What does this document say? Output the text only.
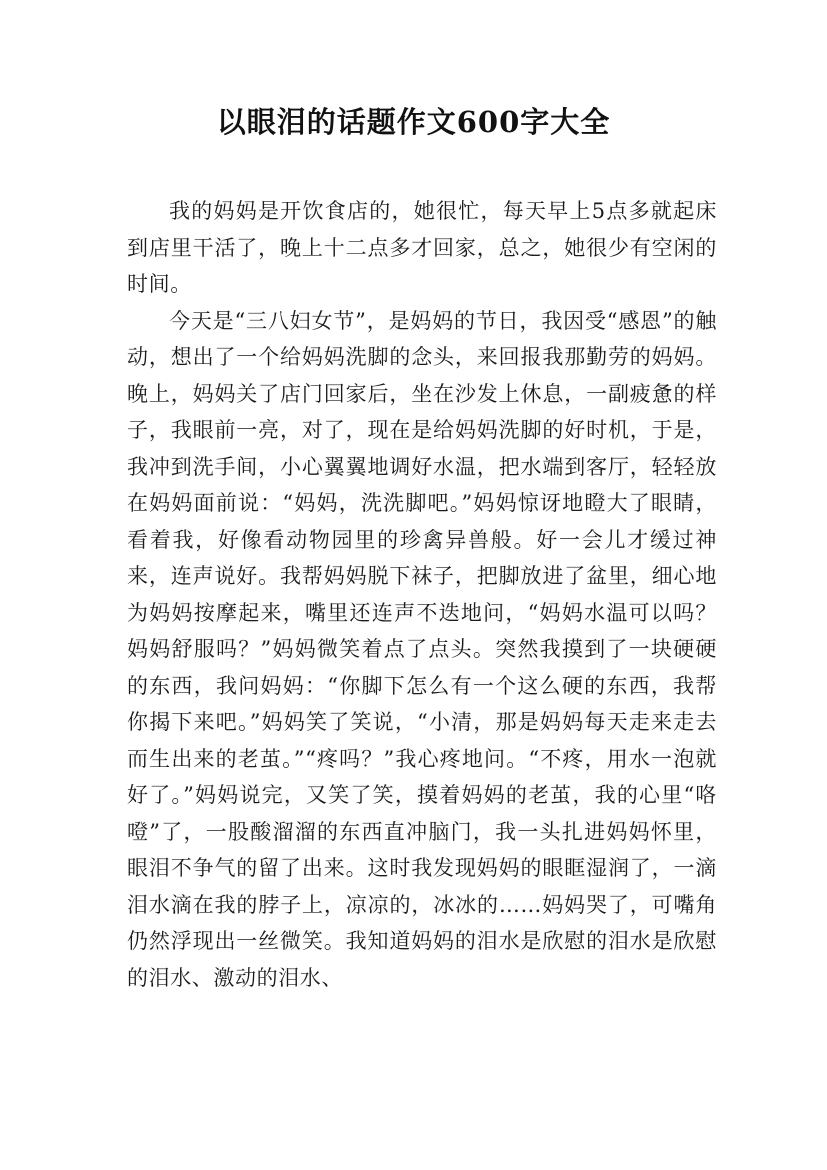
以眼泪的话题作文600字大全

我的妈妈是开饮食店的，她很忙，每天早上5点多就起床到店里干活了，晚上十二点多才回家，总之，她很少有空闲的时间。

今天是“三八妇女节”，是妈妈的节日，我因受“感恩”的触动，想出了一个给妈妈洗脚的念头，来回报我那勤劳的妈妈。晚上，妈妈关了店门回家后，坐在沙发上休息，一副疲惫的样子，我眼前一亮，对了，现在是给妈妈洗脚的好时机，于是，我冲到洗手间，小心翼翼地调好水温，把水端到客厅，轻轻放在妈妈面前说：“妈妈，洗洗脚吧。”妈妈惊讶地瞪大了眼睛，看着我，好像看动物园里的珍禽异兽般。好一会儿才缓过神来，连声说好。我帮妈妈脱下袜子，把脚放进了盆里，细心地为妈妈按摩起来，嘴里还连声不迭地问，“妈妈水温可以吗？妈妈舒服吗？”妈妈微笑着点了点头。突然我摸到了一块硬硬的东西，我问妈妈：“你脚下怎么有一个这么硬的东西，我帮你揭下来吧。”妈妈笑了笑说，“小清，那是妈妈每天走来走去而生出来的老茧。”“疼吗？”我心疼地问。“不疼，用水一泡就好了。”妈妈说完，又笑了笑，摸着妈妈的老茧，我的心里“咯噔”了，一股酸溜溜的东西直冲脑门，我一头扎进妈妈怀里，眼泪不争气的留了出来。这时我发现妈妈的眼眶湿润了，一滴泪水滴在我的脖子上，凉凉的，冰冰的……妈妈哭了，可嘴角仍然浮现出一丝微笑。我知道妈妈的泪水是欣慰的泪水是欣慰的泪水、激动的泪水、
